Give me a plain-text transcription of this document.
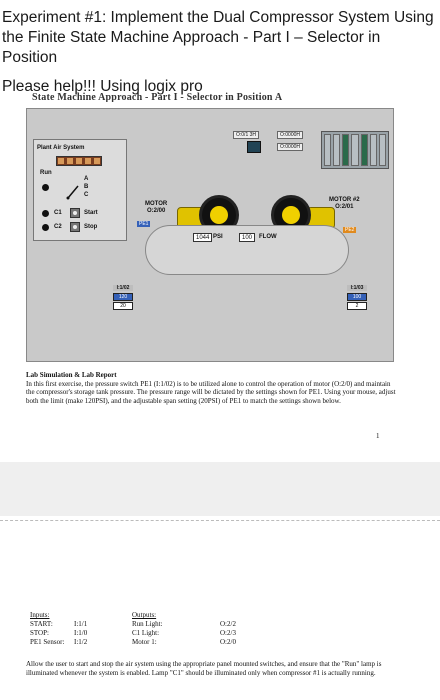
Experiment #1: Implement the Dual Compressor System Using the Finite State Machine Approach - Part I – Selector in Position
Please help!!! Using logix pro
State Machine Approach - Part I - Selector in Position A
Plant Air System
Run
A
B
C
C1
C2
Start
Stop
O:0/1 3H	O:0000H
O:0000H
MOTOR
O:2/00
MOTOR #2
O:2/01
PE1
PE2
1044 PSI	100	FLOW
I:1/02
120
20
I:1/03
100
2
Lab Simulation & Lab Report
In this first exercise, the pressure switch PE1 (I:1/02) is to be utilized alone to control the operation of motor (O:2/0) and maintain the compressor's storage tank pressure. The pressure range will be dictated by the settings shown for PE1. Using your mouse, adjust both the limit (make 120PSI), and the adjustable span setting (20PSI) of PE1 to match the settings shown below.
1
Inputs:
START:	I:1/1
STOP:	I:1/0
PE1 Sensor: I:1/2
Outputs:
Run Light:	O:2/2
C1 Light:	O:2/3
Motor 1:	O:2/0
Allow the user to start and stop the air system using the appropriate panel mounted switches, and ensure that the "Run" lamp is illuminated whenever the system is enabled. Lamp "C1" should be illuminated only when compressor #1 is actually running.
